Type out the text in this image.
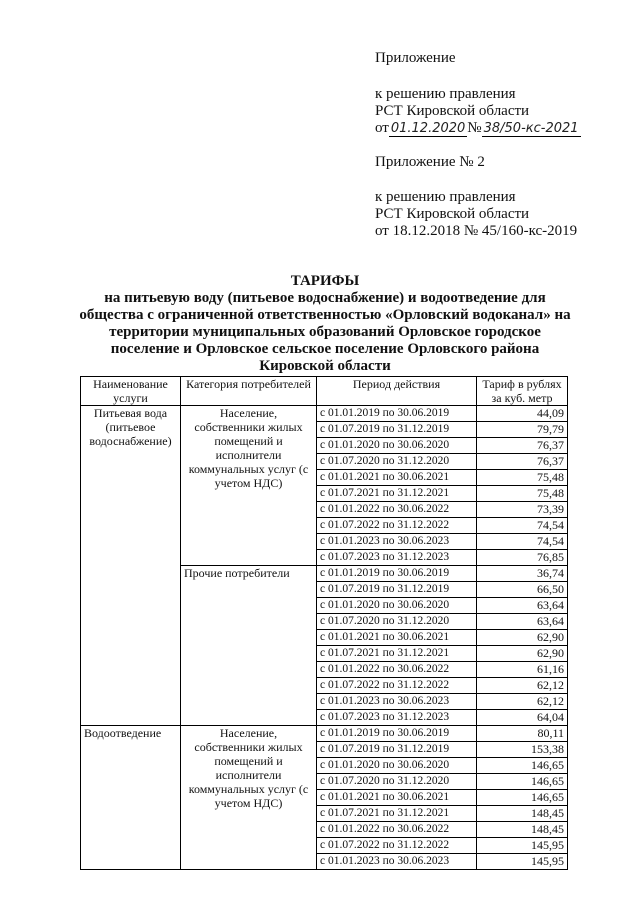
Приложение
к решению правления
РСТ Кировской области
от 01.12.2020 № 38/50-кс-2021
Приложение № 2
к решению правления
РСТ Кировской области
от 18.12.2018 № 45/160-кс-2019
ТАРИФЫ
на питьевую воду (питьевое водоснабжение) и водоотведение для
общества с ограниченной ответственностью «Орловский водоканал» на
территории муниципальных образований Орловское городское
поселение и Орловское сельское поселение Орловского района
Кировской области
Наименование услуги	Категория потребителей	Период действия	Тариф в рублях за куб. метр
Питьевая вода (питьевое водоснабжение)	Население, собственники жилых помещений и исполнители коммунальных услуг (с учетом НДС)	с 01.01.2019 по 30.06.2019	44,09
		с 01.07.2019 по 31.12.2019	79,79
		с 01.01.2020 по 30.06.2020	76,37
		с 01.07.2020 по 31.12.2020	76,37
		с 01.01.2021 по 30.06.2021	75,48
		с 01.07.2021 по 31.12.2021	75,48
		с 01.01.2022 по 30.06.2022	73,39
		с 01.07.2022 по 31.12.2022	74,54
		с 01.01.2023 по 30.06.2023	74,54
		с 01.07.2023 по 31.12.2023	76,85
	Прочие потребители	с 01.01.2019 по 30.06.2019	36,74
		с 01.07.2019 по 31.12.2019	66,50
		с 01.01.2020 по 30.06.2020	63,64
		с 01.07.2020 по 31.12.2020	63,64
		с 01.01.2021 по 30.06.2021	62,90
		с 01.07.2021 по 31.12.2021	62,90
		с 01.01.2022 по 30.06.2022	61,16
		с 01.07.2022 по 31.12.2022	62,12
		с 01.01.2023 по 30.06.2023	62,12
		с 01.07.2023 по 31.12.2023	64,04
Водоотведение	Население, собственники жилых помещений и исполнители коммунальных услуг (с учетом НДС)	с 01.01.2019 по 30.06.2019	80,11
		с 01.07.2019 по 31.12.2019	153,38
		с 01.01.2020 по 30.06.2020	146,65
		с 01.07.2020 по 31.12.2020	146,65
		с 01.01.2021 по 30.06.2021	146,65
		с 01.07.2021 по 31.12.2021	148,45
		с 01.01.2022 по 30.06.2022	148,45
		с 01.07.2022 по 31.12.2022	145,95
		с 01.01.2023 по 30.06.2023	145,95
